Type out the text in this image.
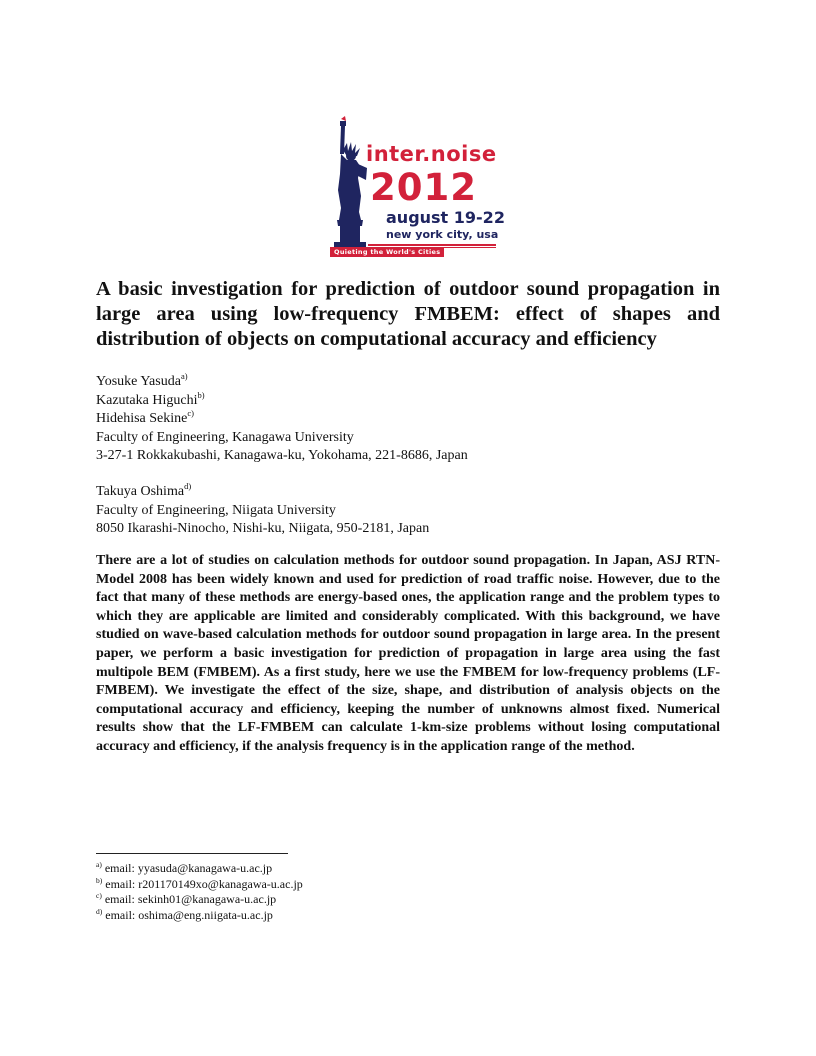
inter.noise
2012
august 19-22
new york city, usa
Quieting the World's Cities
A basic investigation for prediction of outdoor sound propagation in large area using low-frequency FMBEM: effect of shapes and distribution of objects on computational accuracy and efficiency
Yosuke Yasuda$^{a)}$
Kazutaka Higuchi$^{b)}$
Hidehisa Sekine$^{c)}$
Faculty of Engineering, Kanagawa University
3-27-1 Rokkakubashi, Kanagawa-ku, Yokohama, 221-8686, Japan
Takuya Oshima$^{d)}$
Faculty of Engineering, Niigata University
8050 Ikarashi-Ninocho, Nishi-ku, Niigata, 950-2181, Japan

There are a lot of studies on calculation methods for outdoor sound propagation. In Japan, ASJ RTN-Model 2008 has been widely known and used for prediction of road traffic noise. However, due to the fact that many of these methods are energy-based ones, the application range and the problem types to which they are applicable are limited and considerably complicated. With this background, we have studied on wave-based calculation methods for outdoor sound propagation in large area. In the present paper, we perform a basic investigation for prediction of propagation in large area using the fast multipole BEM (FMBEM). As a first study, here we use the FMBEM for low-frequency problems (LF-FMBEM). We investigate the effect of the size, shape, and distribution of analysis objects on the computational accuracy and efficiency, keeping the number of unknowns almost fixed. Numerical results show that the LF-FMBEM can calculate 1-km-size problems without losing computational accuracy and efficiency, if the analysis frequency is in the application range of the method.

$^{a)}$ email: yyasuda@kanagawa-u.ac.jp
$^{b)}$ email: r201170149xo@kanagawa-u.ac.jp
$^{c)}$ email: sekinh01@kanagawa-u.ac.jp
$^{d)}$ email: oshima@eng.niigata-u.ac.jp
